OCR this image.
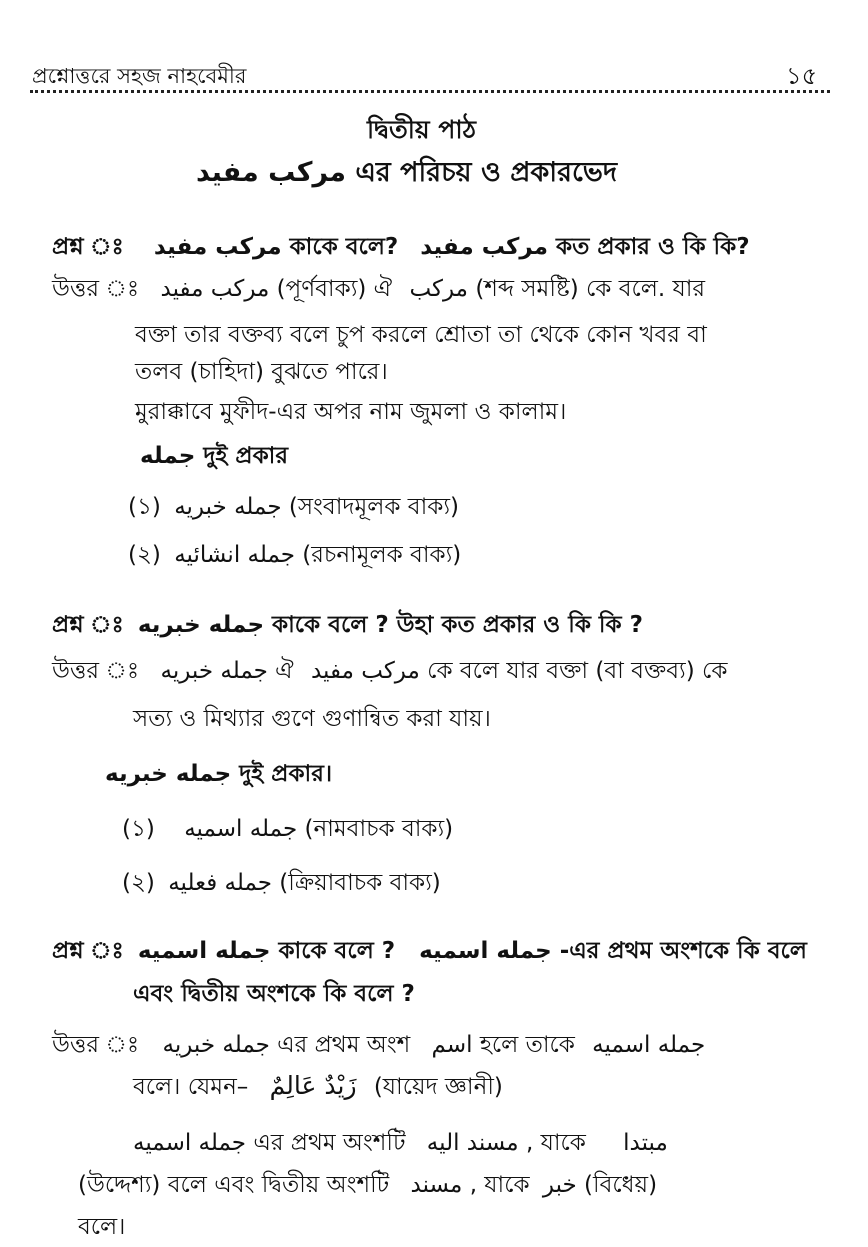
প্রশ্নোত্তরে সহজ নাহবেমীর	১৫
দ্বিতীয় পাঠ
مركب مفيد এর পরিচয় ও প্রকারভেদ
প্রশ্ন ঃ مركب مفيد কাকে বলে? مركب مفيد কত প্রকার ও কি কি?
উত্তর ঃ مركب مفيد (পূর্ণবাক্য) ঐ مركب (শব্দ সমষ্টি) কে বলে. যার
বক্তা তার বক্তব্য বলে চুপ করলে শ্রোতা তা থেকে কোন খবর বা
তলব (চাহিদা) বুঝতে পারে।
মুরাক্কাবে মুফীদ-এর অপর নাম জুমলা ও কালাম।
جمله দুই প্রকার
(১) جمله خبريه (সংবাদমূলক বাক্য)
(২) جمله انشائيه (রচনামূলক বাক্য)
প্রশ্ন ঃ جمله خبريه কাকে বলে ? উহা কত প্রকার ও কি কি ?
উত্তর ঃ جمله خبريه ঐ مركب مفيد কে বলে যার বক্তা (বা বক্তব্য) কে
সত্য ও মিথ্যার গুণে গুণান্বিত করা যায়।
جمله خبريه দুই প্রকার।
(১) جمله اسميه (নামবাচক বাক্য)
(২) جمله فعليه (ক্রিয়াবাচক বাক্য)
প্রশ্ন ঃ جمله اسميه কাকে বলে ? جمله اسميه -এর প্রথম অংশকে কি বলে
এবং দ্বিতীয় অংশকে কি বলে ?
উত্তর ঃ جمله خبريه এর প্রথম অংশ اسم হলে তাকে جمله اسميه
বলে। যেমন– زَيْدٌ عَالِمٌ (যায়েদ জ্ঞানী)
جمله اسميه এর প্রথম অংশটি مسند اليه , যাকে مبتدا
(উদ্দেশ্য) বলে এবং দ্বিতীয় অংশটি مسند , যাকে خبر (বিধেয়)
বলে।
